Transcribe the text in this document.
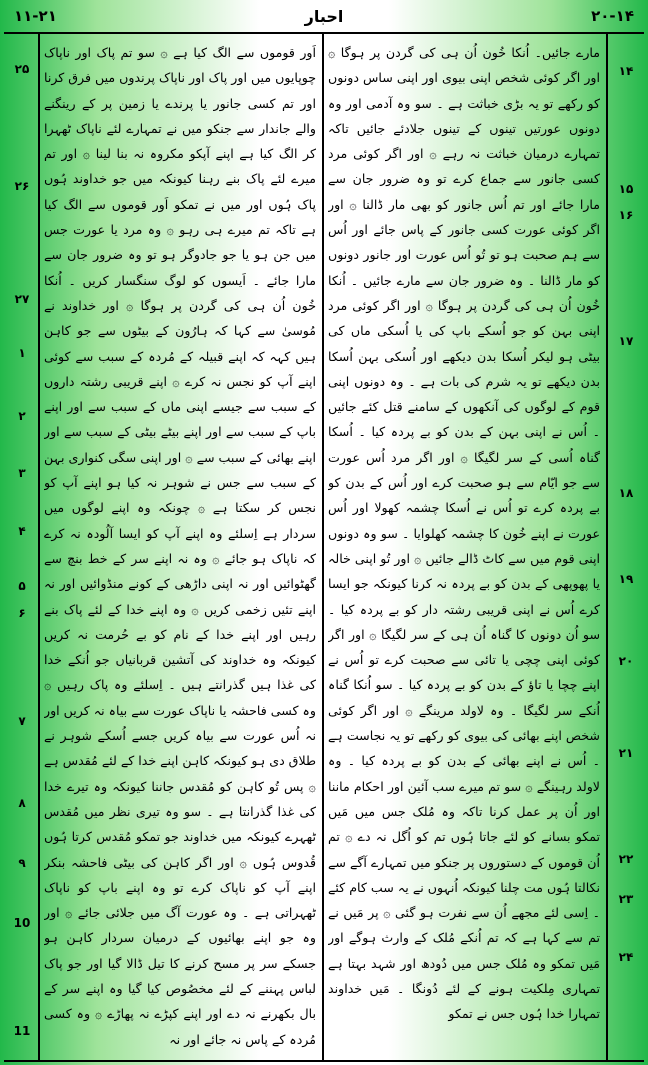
۱۱-۲۱	احبار	۲۰-۱۴
۲۵
۲۶
۲۷
۱
۲
۳
۴
۵
۶
۷
۸
۹
10
11
۱۴
۱۵
۱۶
۱۷
۱۸
۱۹
۲۰
۲۱
۲۲
۲۳
۲۴
اَور قوموں سے الگ کیا ہے ۞ سو تم پاک اور ناپاک چوپایوں میں اور پاک اور ناپاک پرندوں میں فرق کرنا اور تم کسی جانور یا پرندے یا زمین پر کے رینگنے والے جاندار سے جنکو میں نے تمہارے لئے ناپاک ٹھہرا کر الگ کیا ہے اپنے آپکو مکروہ نہ بنا لینا ۞ اور تم میرے لئے پاک بنے رہنا کیونکہ میں جو خداوند ہُوں پاک ہُوں اور میں نے تمکو اَور قوموں سے الگ کیا ہے تاکہ تم میرے ہی رہو ۞ وہ مرد یا عورت جس میں جن ہو یا جو جادوگر ہو تو وہ ضرور جان سے مارا جائے ۔ اَیسوں کو لوگ سنگسار کریں ۔ اُنکا خُون اُن ہی کی گردن پر ہوگا ۞ اور خداوند نے مُوسیٰ سے کہا کہ ہارُون کے بیٹوں سے جو کاہن ہیں کہہ کہ اپنے قبیلہ کے مُردہ کے سبب سے کوئی اپنے آپ کو نجس نہ کرے ۞ اپنے قریبی رشتہ داروں کے سبب سے جیسے اپنی ماں کے سبب سے اور اپنے باپ کے سبب سے اور اپنے بیٹے بیٹی کے سبب سے اور اپنے بھائی کے سبب سے ۞ اور اپنی سگی کنواری بہن کے سبب سے جس نے شوہر نہ کیا ہو اپنے آپ کو نجس کر سکتا ہے ۞ چونکہ وہ اپنے لوگوں میں سردار ہے اِسلئے وہ اپنے آپ کو ایسا آلُودہ نہ کرے کہ ناپاک ہو جائے ۞ وہ نہ اپنے سر کے خط بنچ سے گھٹوائیں اور نہ اپنی داڑھی کے کونے منڈوائیں اور نہ اپنے تئیں زخمی کریں ۞ وہ اپنے خدا کے لئے پاک بنے رہیں اور اپنے خدا کے نام کو بے حُرمت نہ کریں کیونکہ وہ خداوند کی آتشین قربانیاں جو اُنکے خدا کی غذا ہیں گذرانتے ہیں ۔ اِسلئے وہ پاک رہیں ۞ وہ کسی فاحشہ یا ناپاک عورت سے بیاہ نہ کریں اور نہ اُس عورت سے بیاہ کریں جسے اُسکے شوہر نے طلاق دی ہو کیونکہ کاہن اپنے خدا کے لئے مُقدس ہے ۞ پس تُو کاہن کو مُقدس جاننا کیونکہ وہ تیرے خدا کی غذا گذرانتا ہے ۔ سو وہ تیری نظر میں مُقدس ٹھہرے کیونکہ میں خداوند جو تمکو مُقدس کرتا ہُوں قُدوس ہُوں ۞ اور اگر کاہن کی بیٹی فاحشہ بنکر اپنے آپ کو ناپاک کرے تو وہ اپنے باپ کو ناپاک ٹھہراتی ہے ۔ وہ عورت آگ میں جلائی جائے ۞ اور وہ جو اپنے بھائیوں کے درمیان سردار کاہن ہو جسکے سر پر مسح کرنے کا تیل ڈالا گیا اور جو پاک لباس پہننے کے لئے مخصُوص کیا گیا وہ اپنے سر کے بال بکھرنے نہ دے اور اپنے کپڑے نہ پھاڑے ۞ وہ کسی مُردہ کے پاس نہ جائے اور نہ
مارے جائیں۔ اُنکا خُون اُن ہی کی گردن پر ہوگا ۞ اور اگر کوئی شخص اپنی بیوی اور اپنی ساس دونوں کو رکھے تو یہ بڑی خباثت ہے ۔ سو وہ آدمی اور وہ دونوں عورتیں تینوں کے تینوں جلادئے جائیں تاکہ تمہارے درمیان خباثت نہ رہے ۞ اور اگر کوئی مرد کسی جانور سے جماع کرے تو وہ ضرور جان سے مارا جائے اور تم اُس جانور کو بھی مار ڈالنا ۞ اور اگر کوئی عورت کسی جانور کے پاس جائے اور اُس سے ہم صحبت ہو تو تُو اُس عورت اور جانور دونوں کو مار ڈالنا ۔ وہ ضرور جان سے مارے جائیں ۔ اُنکا خُون اُن ہی کی گردن پر ہوگا ۞ اور اگر کوئی مرد اپنی بہن کو جو اُسکے باپ کی یا اُسکی ماں کی بیٹی ہو لیکر اُسکا بدن دیکھے اور اُسکی بہن اُسکا بدن دیکھے تو یہ شرم کی بات ہے ۔ وہ دونوں اپنی قوم کے لوگوں کی آنکھوں کے سامنے قتل کئے جائیں ۔ اُس نے اپنی بہن کے بدن کو بے پردہ کیا ۔ اُسکا گناہ اُسی کے سر لگیگا ۞ اور اگر مرد اُس عورت سے جو ایّام سے ہو صحبت کرے اور اُس کے بدن کو بے پردہ کرے تو اُس نے اُسکا چشمہ کھولا اور اُس عورت نے اپنے خُون کا چشمہ کھلوایا ۔ سو وہ دونوں اپنی قوم میں سے کاٹ ڈالے جائیں ۞ اور تُو اپنی خالہ یا پھوپھی کے بدن کو بے پردہ نہ کرنا کیونکہ جو ایسا کرے اُس نے اپنی قریبی رشتہ دار کو بے پردہ کیا ۔ سو اُن دونوں کا گناہ اُن ہی کے سر لگیگا ۞ اور اگر کوئی اپنی چچی یا تائی سے صحبت کرے تو اُس نے اپنے چچا یا تاؤ کے بدن کو بے پردہ کیا ۔ سو اُنکا گناہ اُنکے سر لگیگا ۔ وہ لاولد مرینگے ۞ اور اگر کوئی شخص اپنے بھائی کی بیوی کو رکھے تو یہ نجاست ہے ۔ اُس نے اپنے بھائی کے بدن کو بے پردہ کیا ۔ وہ لاولد رہینگے ۞ سو تم میرے سب آئین اور احکام ماننا اور اُن پر عمل کرنا تاکہ وہ مُلک جس میں مَیں تمکو بسانے کو لئے جاتا ہُوں تم کو اُگل نہ دے ۞ تم اُن قوموں کے دستوروں پر جنکو میں تمہارے آگے سے نکالتا ہُوں مت چلنا کیونکہ اُنہوں نے یہ سب کام کئے ۔ اِسی لئے مجھے اُن سے نفرت ہو گئی ۞ پر مَیں نے تم سے کہا ہے کہ تم اُنکے مُلک کے وارث ہوگے اور مَیں تمکو وہ مُلک جس میں دُودھ اور شہد بہتا ہے تمہاری مِلکیت ہونے کے لئے دُونگا ۔ مَیں خداوند تمہارا خدا ہُوں جس نے تمکو
